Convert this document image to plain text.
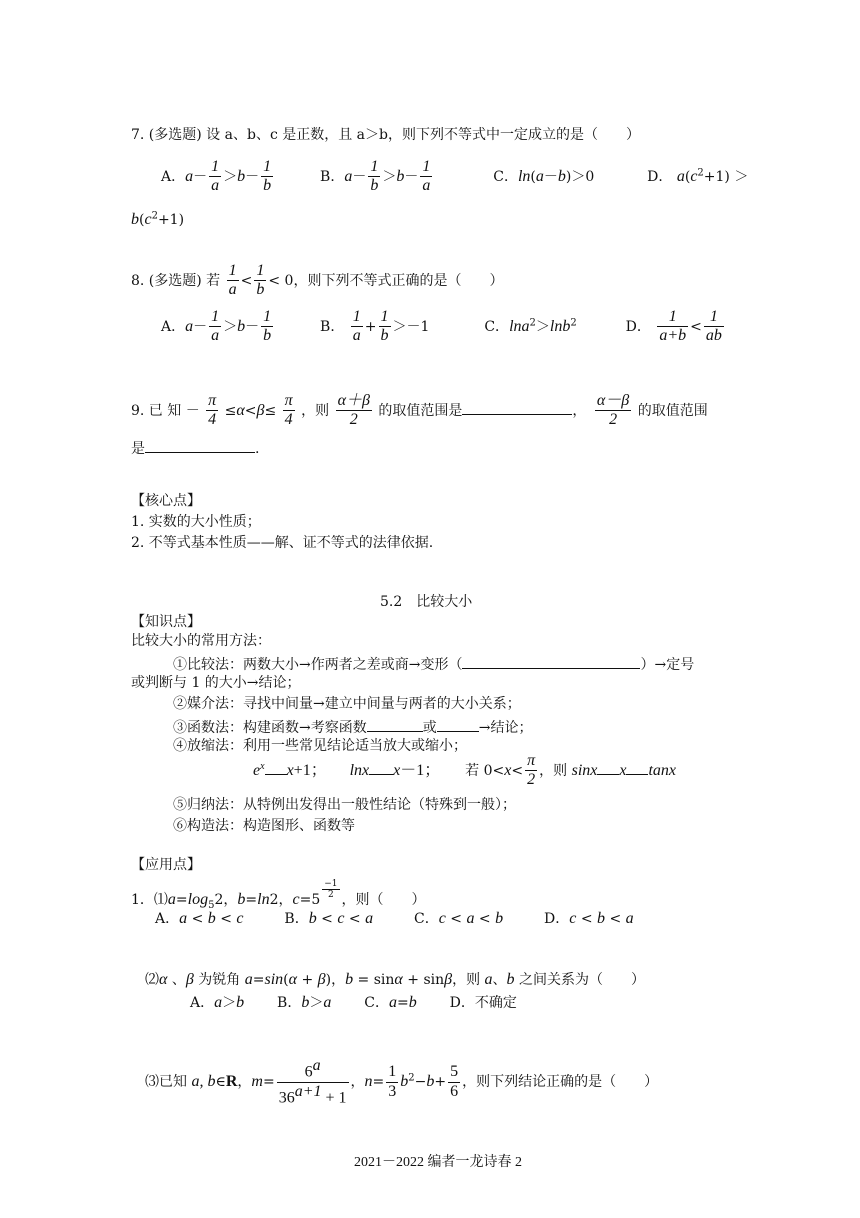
7. (多选题) 设 a、b、c 是正数，且 a＞b，则下列不等式中一定成立的是（　　）
A．$a- \frac{1}{a} >b- \frac{1}{b}$	B．$a- \frac{1}{b} >b- \frac{1}{a}$	C．ln(a－b)＞0	D． $a(c^2+1)$ ＞
$b(c^2+1)$
8. (多选题) 若 $\frac{1}{a} < \frac{1}{b} < 0$，则下列不等式正确的是（　　）
A．$a- \frac{1}{a} >b- \frac{1}{b}$	B． $\frac{1}{a} + \frac{1}{b} >-1$	C．lna$^2$＞lnb$^2$	D． $\frac{1}{a+b} < \frac{1}{ab}$
9. 已 知 － $\frac{\pi}{4} \le\alpha<\beta\le \frac{\pi}{4}$ ，则 $\frac{\alpha+\beta}{2}$ 的取值范围是	， $\frac{\alpha-\beta}{2}$ 的取值范围
是	.
【核心点】
1. 实数的大小性质；
2. 不等式基本性质——解、证不等式的法律依据.
5.2　比较大小
【知识点】
比较大小的常用方法：
①比较法：两数大小→作两者之差或商→变形（	）→定号
或判断与 1 的大小→结论；
②媒介法：寻找中间量→建立中间量与两者的大小关系；
③函数法：构建函数→考察函数	或	→结论；
④放缩法：利用一些常见结论适当放大或缩小；
$e^x$ x+1； lnx x－1；  若 $0<x< \frac{\pi}{2}$ ，则 sinx x tanx
⑤归纳法：从特例出发得出一般性结论（特殊到一般）；
⑥构造法：构造图形、函数等
【应用点】
1．$⑴a=\log_52$，b=ln2，c=5 $^{\frac{-1}{2}}$ ，则（　　）
A．a < b < c	B．b < c < a	C．c < a < b	D．c < b < a
⑵α 、β 为锐角 a=sin(α + β)，b = sinα + sinβ，则 a、b 之间关系为（　　）
A．a＞b B．b＞a C．a=b D．不确定
⑶已知 a, b∈R，$m= \frac{6^a}{36^{a+1} + 1}$ ，$n= \frac{1}{3} b^2-b+ \frac{5}{6}$ ，则下列结论正确的是（　　）
2021－2022 编者一龙诗春 2
